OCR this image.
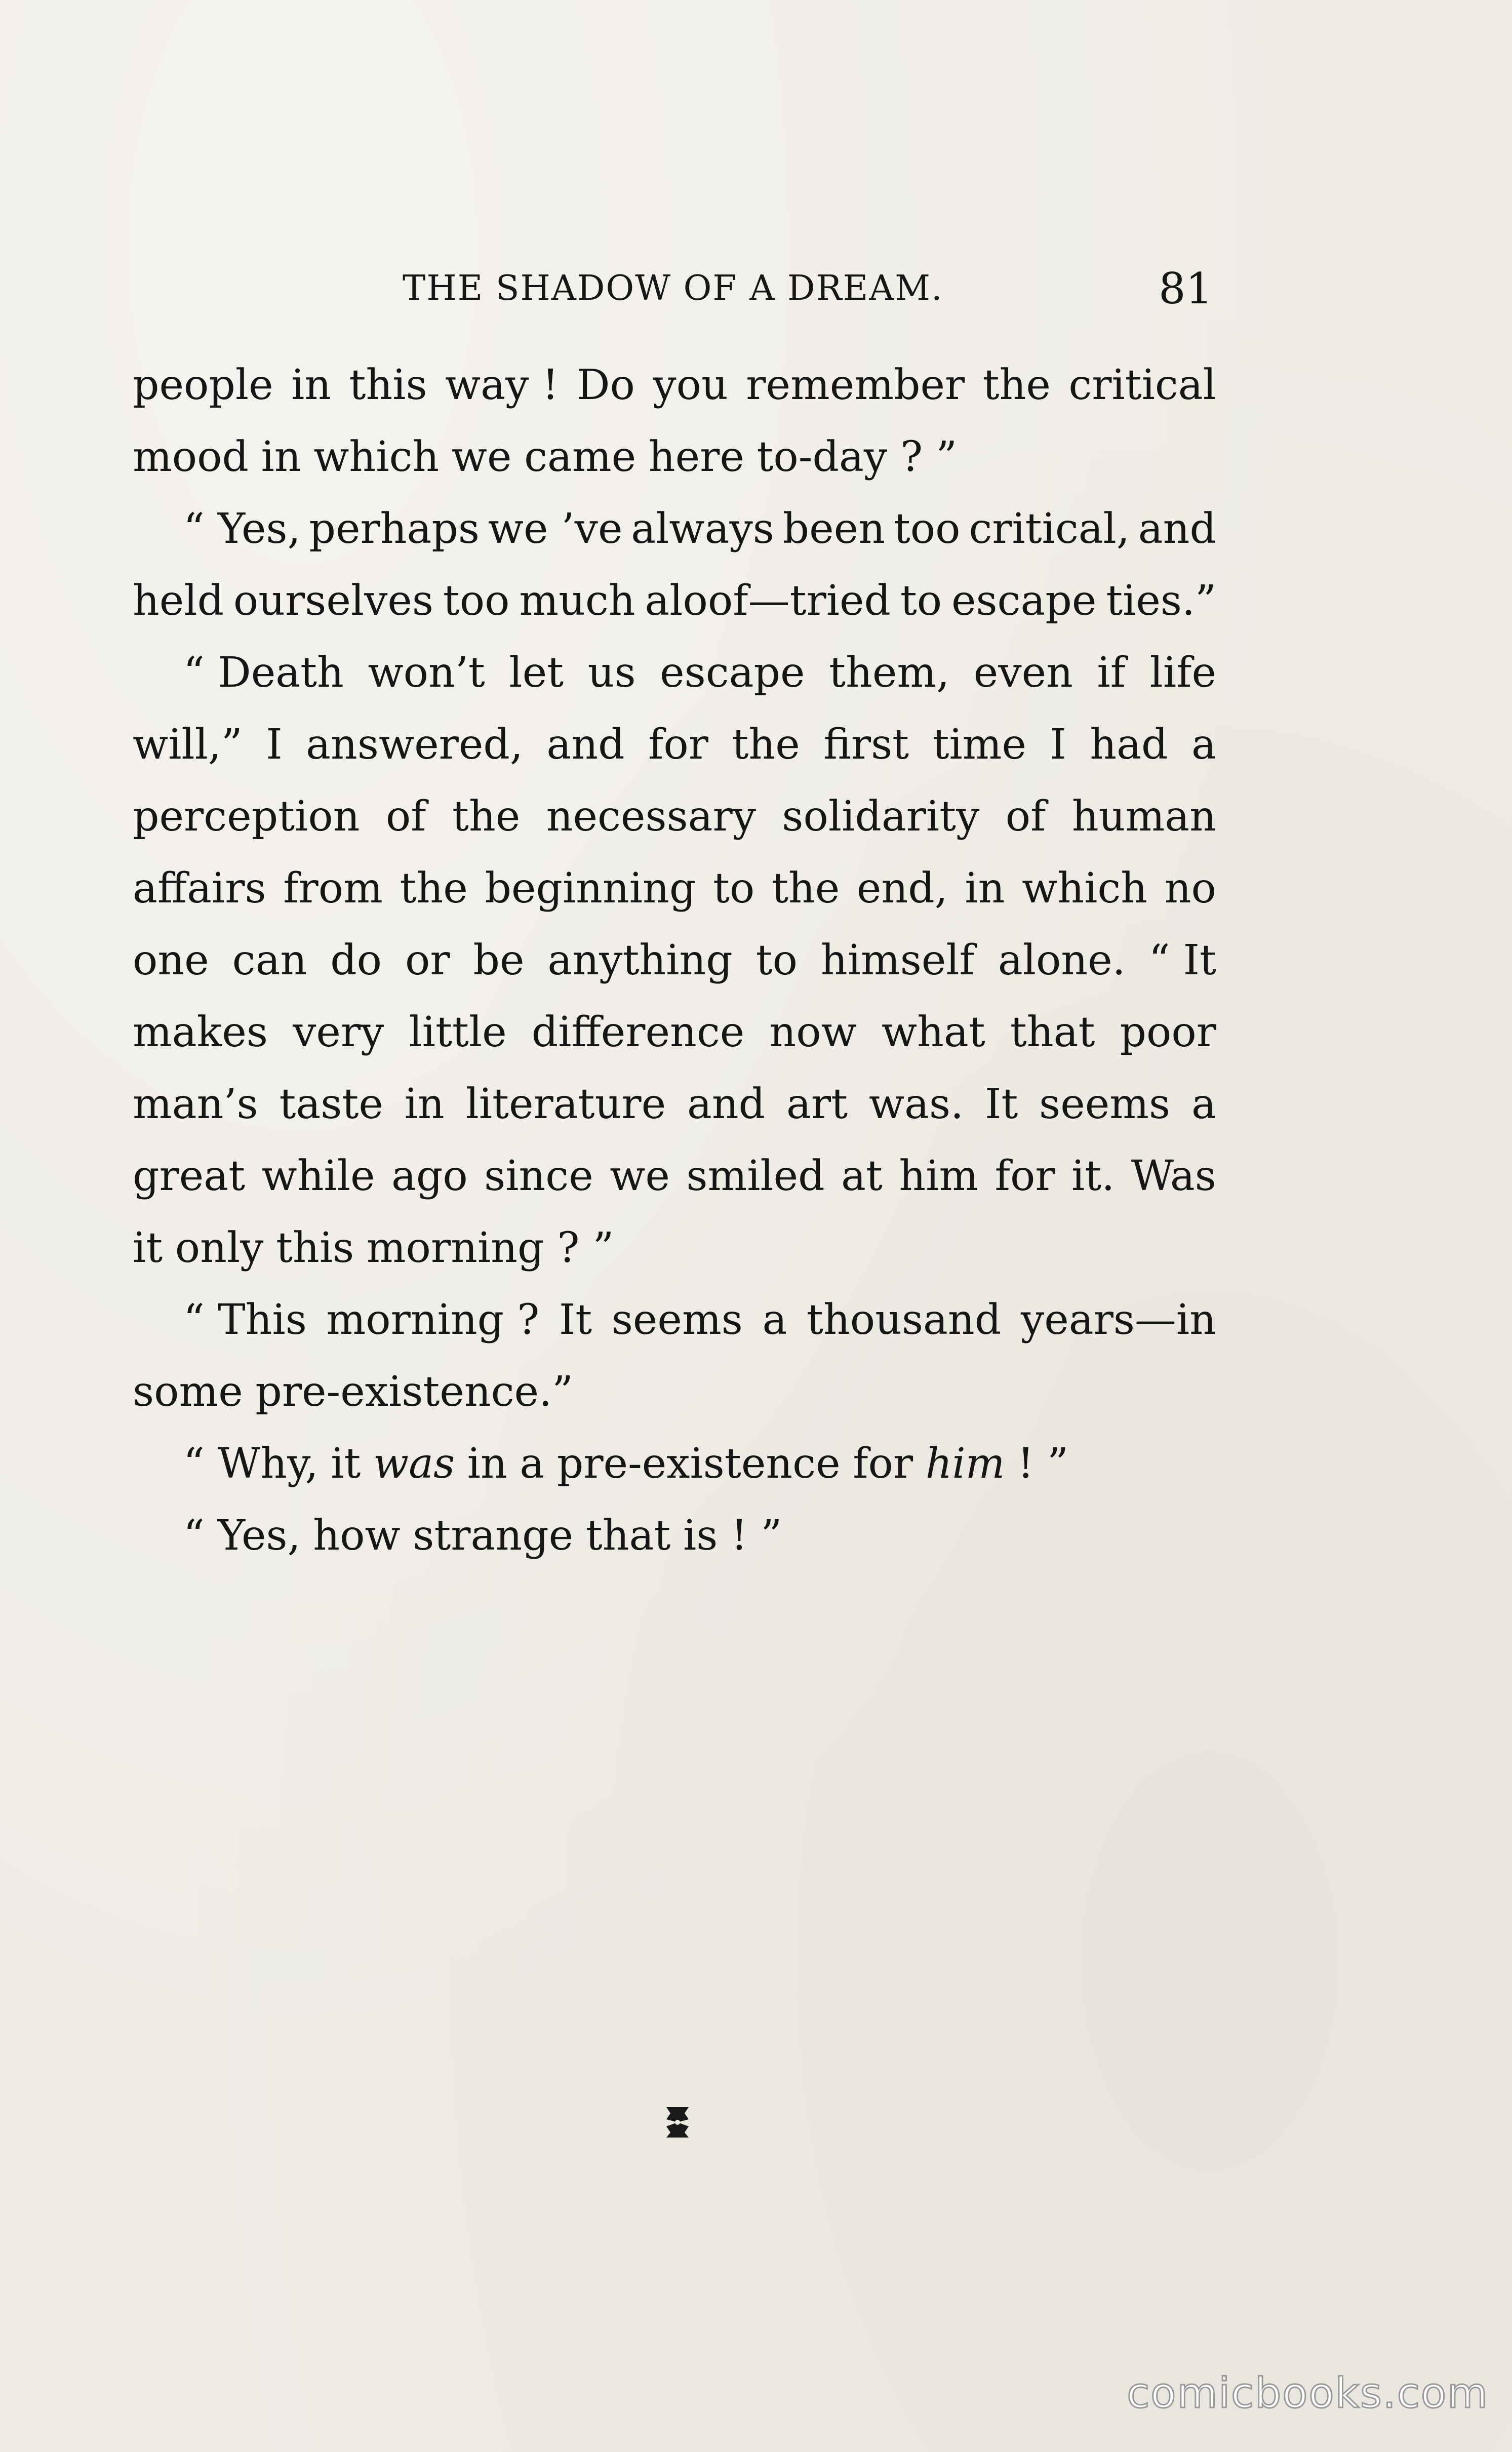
THE SHADOW OF A DREAM.	81
people in this way ! Do you remember the critical
mood in which we came here to-day ? ”
“ Yes, perhaps we ’ve always been too critical, and
held ourselves too much aloof—tried to escape ties.”
“ Death won’t let us escape them, even if life
will,” I answered, and for the first time I had a
perception of the necessary solidarity of human
affairs from the beginning to the end, in which no
one can do or be anything to himself alone. “ It
makes very little difference now what that poor
man’s taste in literature and art was. It seems a
great while ago since we smiled at him for it. Was
it only this morning ? ”
“ This morning ? It seems a thousand years—in
some pre-existence.”
“ Why, it was in a pre-existence for him ! ”
“ Yes, how strange that is ! ”
comicbooks.com
